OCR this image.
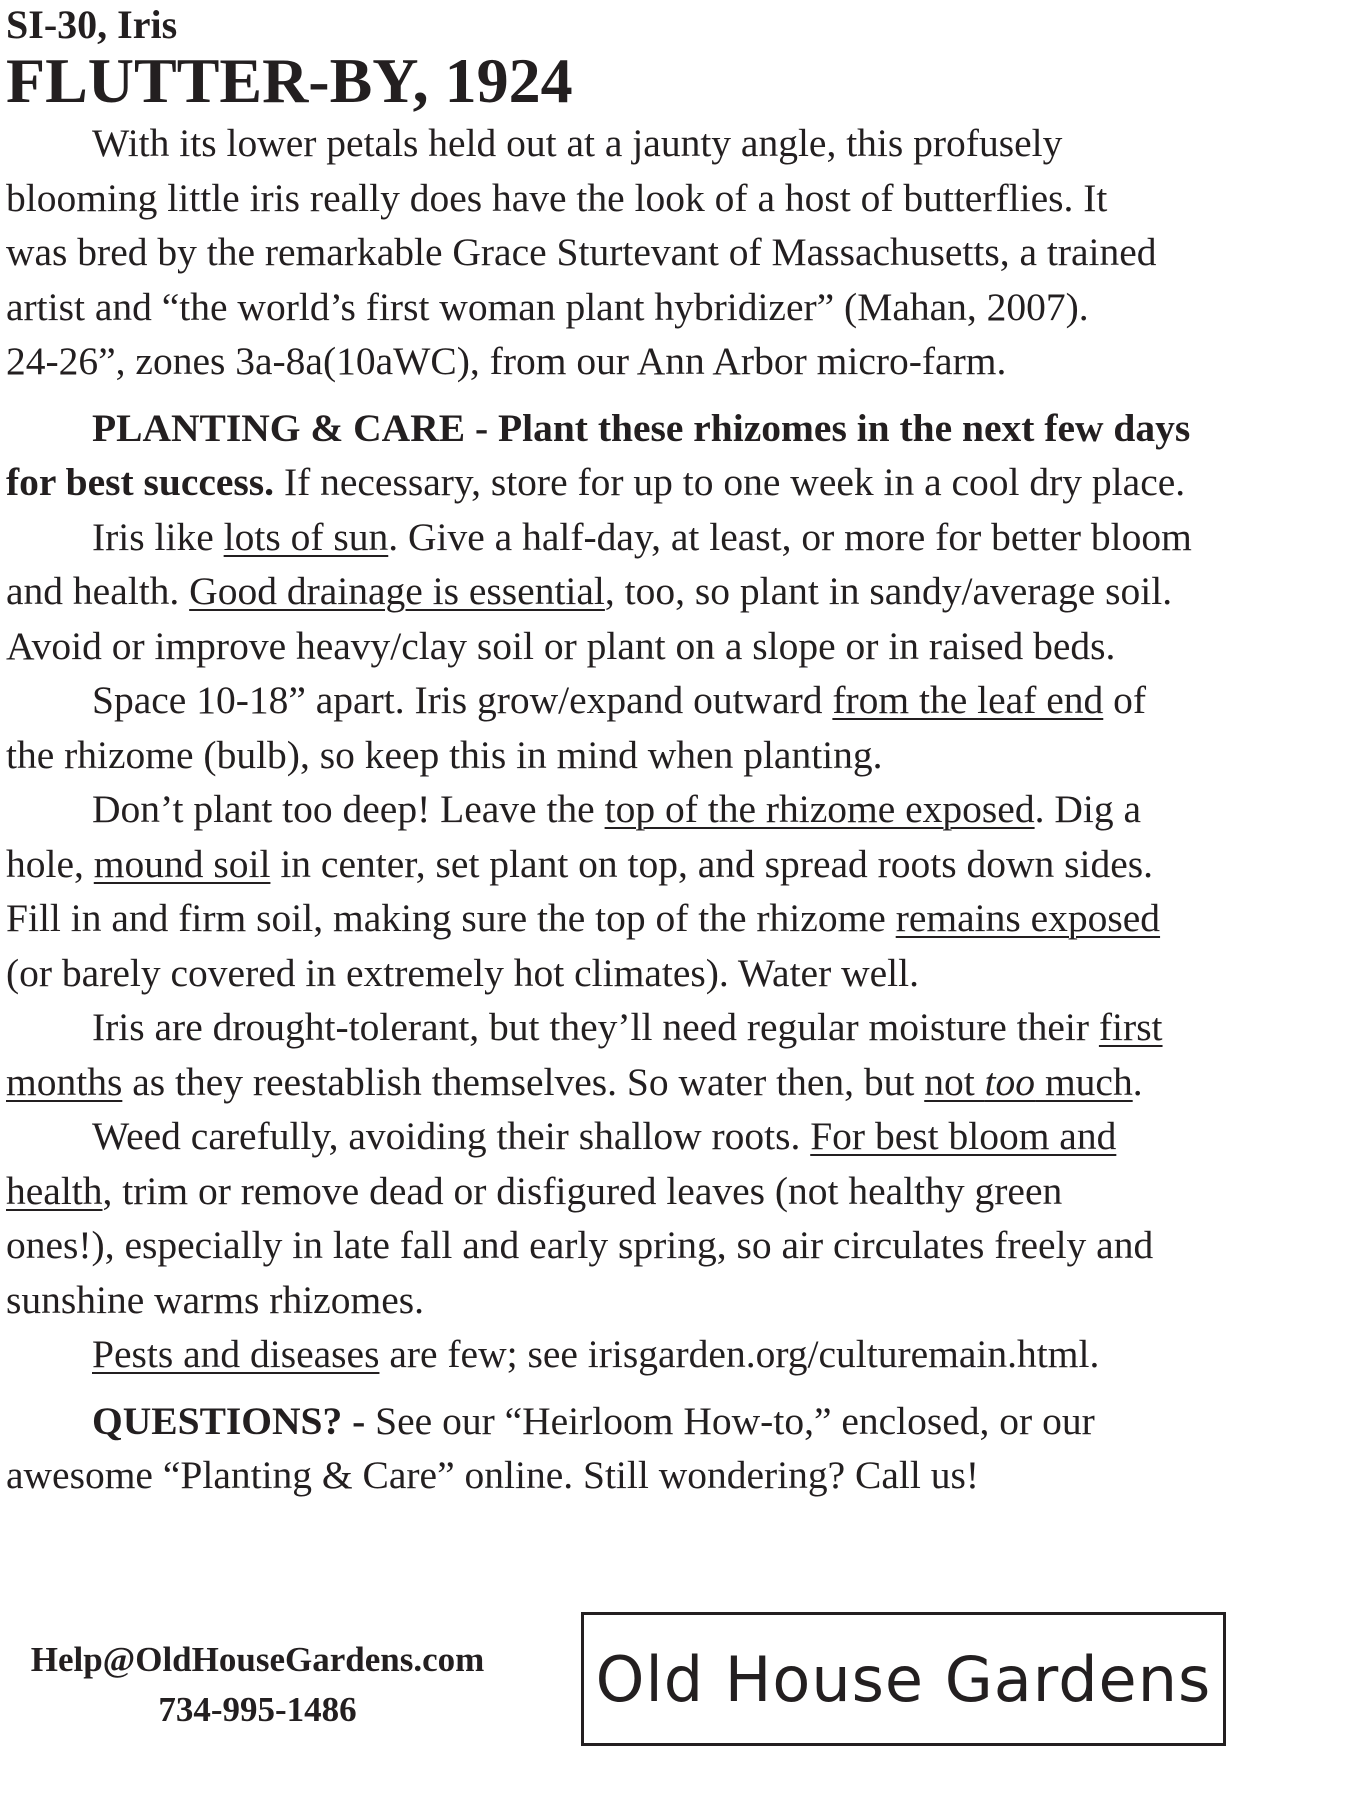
SI-30, Iris

FLUTTER-BY, 1924
With its lower petals held out at a jaunty angle, this profusely
blooming little iris really does have the look of a host of butterflies. It
was bred by the remarkable Grace Sturtevant of Massachusetts, a trained
artist and “the world’s first woman plant hybridizer” (Mahan, 2007).
24-26”, zones 3a-8a(10aWC), from our Ann Arbor micro-farm.
PLANTING & CARE - Plant these rhizomes in the next few days
for best success. If necessary, store for up to one week in a cool dry place.
Iris like lots of sun. Give a half-day, at least, or more for better bloom
and health. Good drainage is essential, too, so plant in sandy/average soil.
Avoid or improve heavy/clay soil or plant on a slope or in raised beds.
Space 10-18” apart. Iris grow/expand outward from the leaf end of
the rhizome (bulb), so keep this in mind when planting.
Don’t plant too deep! Leave the top of the rhizome exposed. Dig a
hole, mound soil in center, set plant on top, and spread roots down sides.
Fill in and firm soil, making sure the top of the rhizome remains exposed
(or barely covered in extremely hot climates). Water well.
Iris are drought-tolerant, but they’ll need regular moisture their first
months as they reestablish themselves. So water then, but not too much.
Weed carefully, avoiding their shallow roots. For best bloom and
health, trim or remove dead or disfigured leaves (not healthy green
ones!), especially in late fall and early spring, so air circulates freely and
sunshine warms rhizomes.
Pests and diseases are few; see irisgarden.org/culturemain.html.
QUESTIONS? - See our “Heirloom How-to,” enclosed, or our
awesome “Planting & Care” online. Still wondering? Call us!
Help@OldHouseGardens.com
734-995-1486	Old House Gardens
